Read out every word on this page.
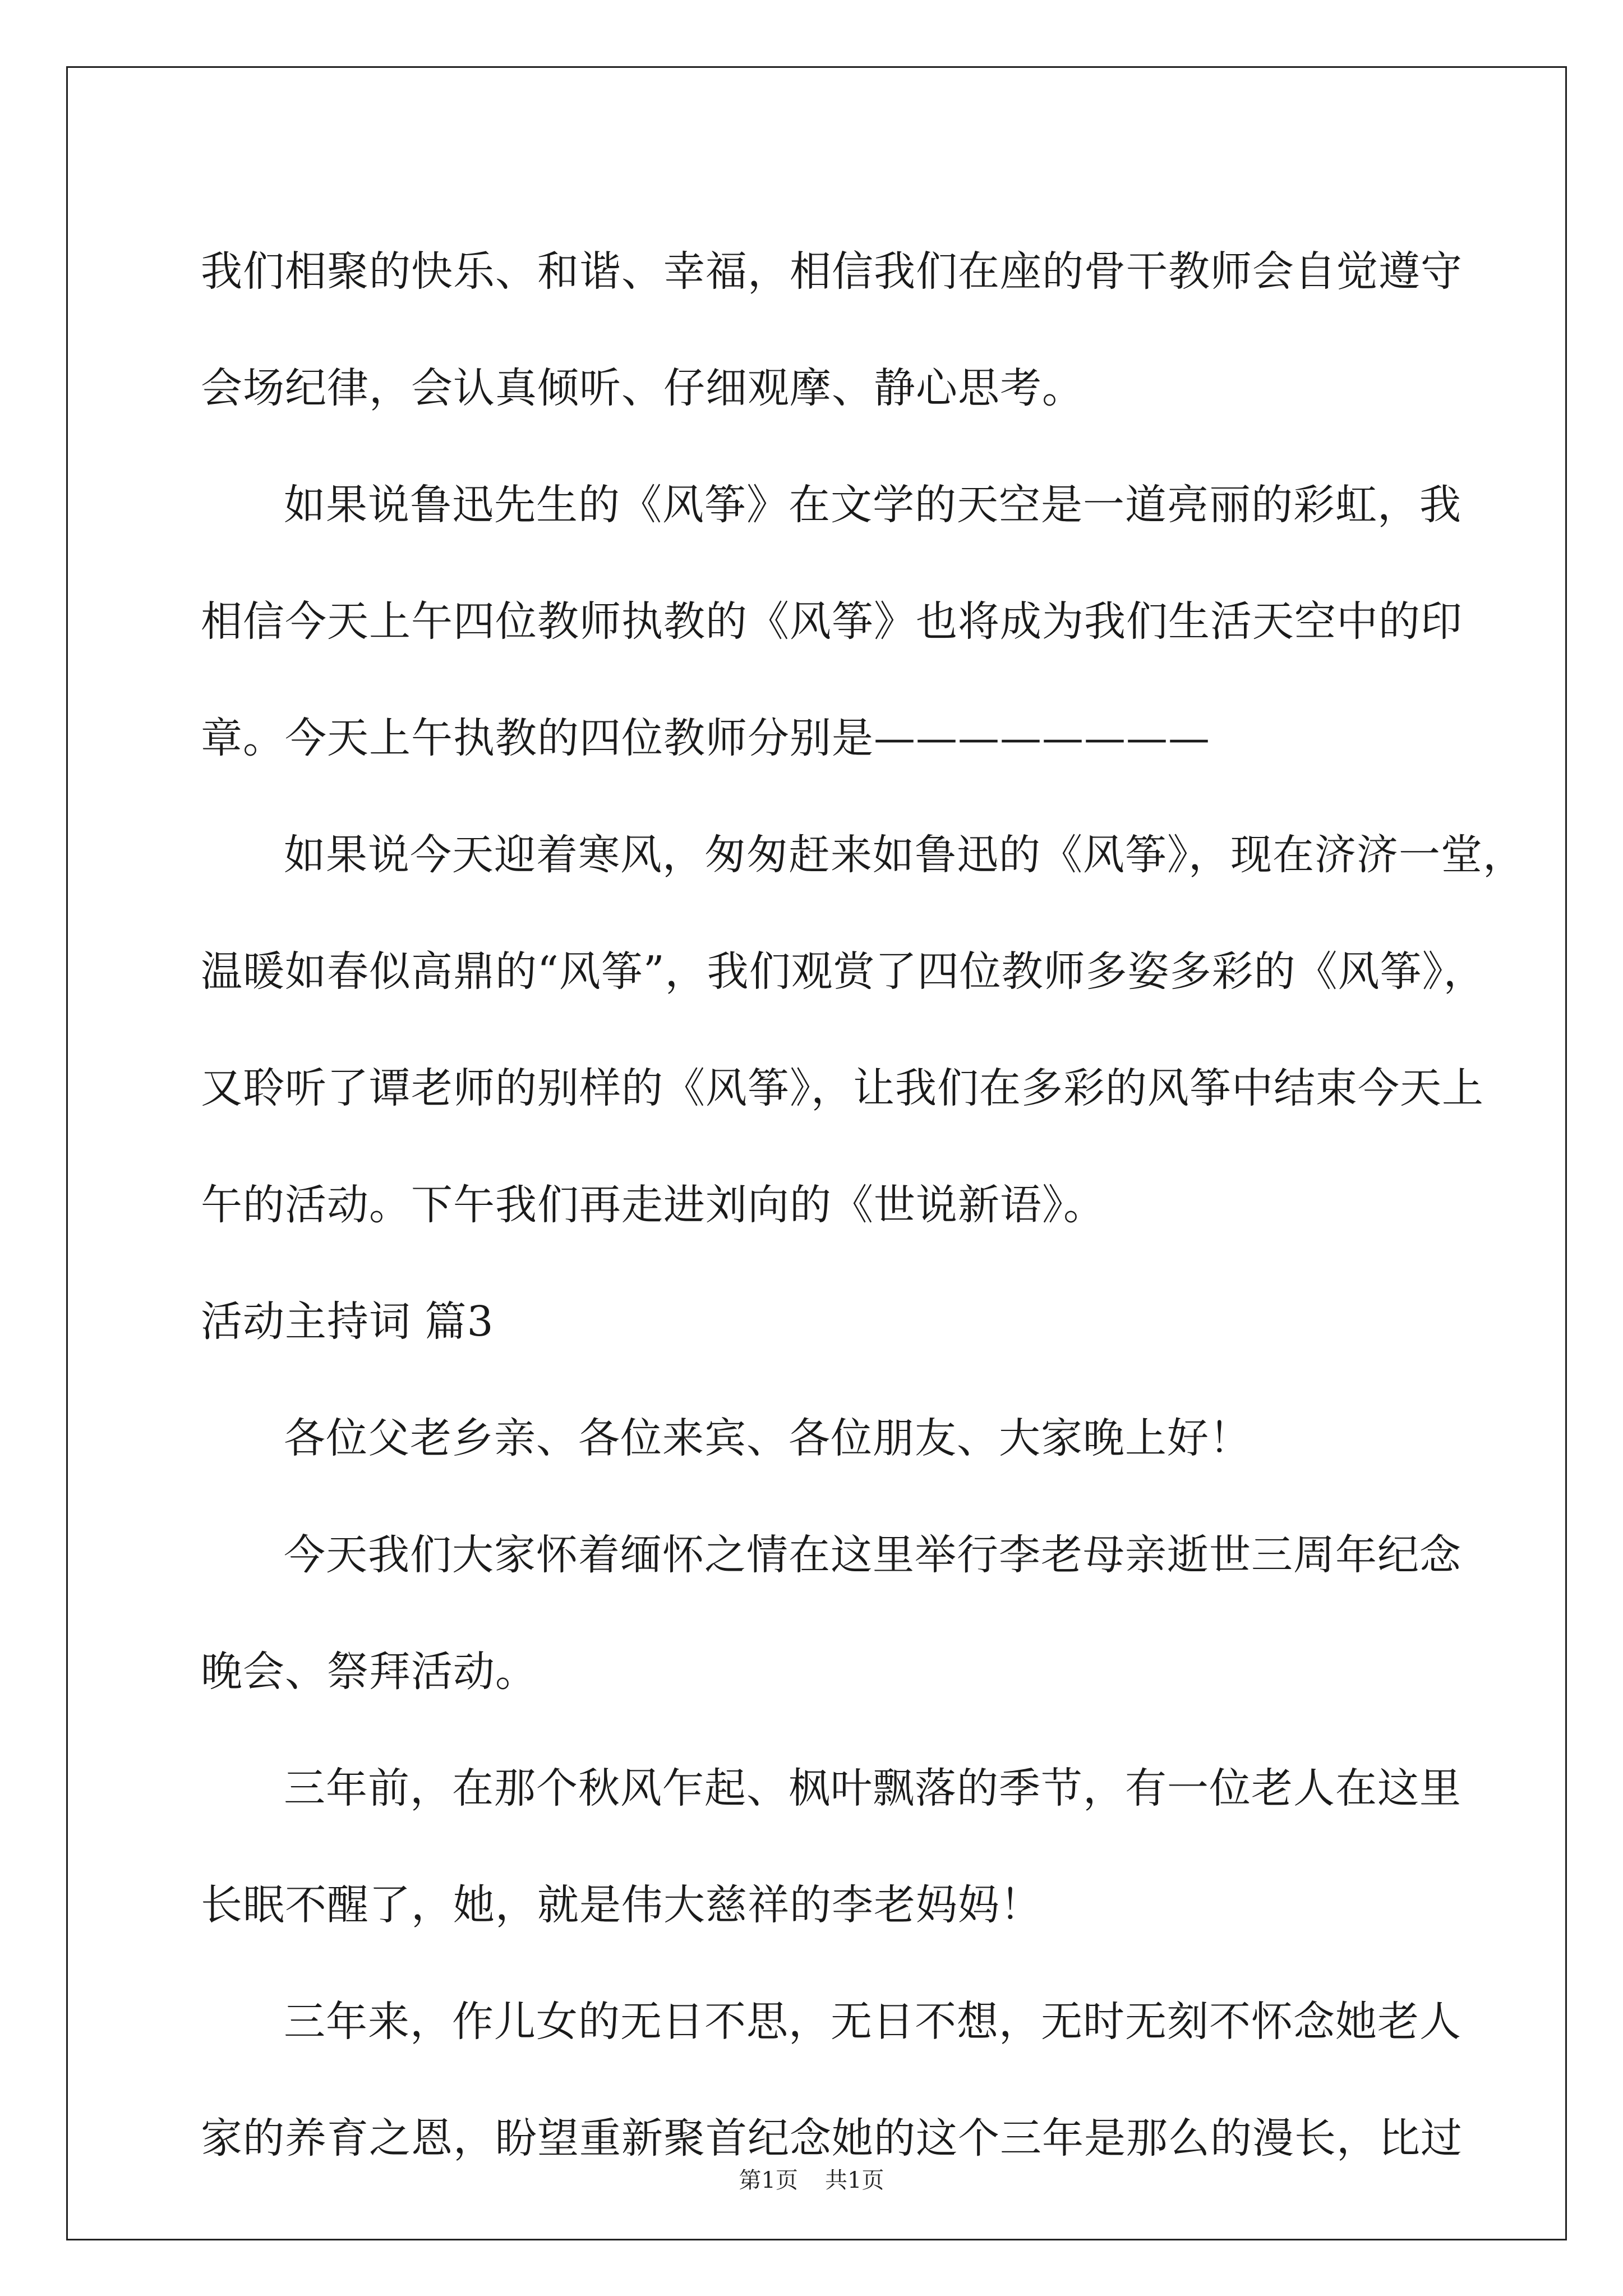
我们相聚的快乐、和谐、幸福，相信我们在座的骨干教师会自觉遵守
会场纪律，会认真倾听、仔细观摩、静心思考。
如果说鲁迅先生的《风筝》在文学的天空是一道亮丽的彩虹，我
相信今天上午四位教师执教的《风筝》也将成为我们生活天空中的印
章。今天上午执教的四位教师分别是————————
如果说今天迎着寒风，匆匆赶来如鲁迅的《风筝》，现在济济一堂，
温暖如春似高鼎的“风筝”，我们观赏了四位教师多姿多彩的《风筝》，
又聆听了谭老师的别样的《风筝》，让我们在多彩的风筝中结束今天上
午的活动。下午我们再走进刘向的《世说新语》。
活动主持词 篇3
各位父老乡亲、各位来宾、各位朋友、大家晚上好！
今天我们大家怀着缅怀之情在这里举行李老母亲逝世三周年纪念
晚会、祭拜活动。
三年前，在那个秋风乍起、枫叶飘落的季节，有一位老人在这里
长眠不醒了，她，就是伟大慈祥的李老妈妈！
三年来，作儿女的无日不思，无日不想，无时无刻不怀念她老人
家的养育之恩，盼望重新聚首纪念她的这个三年是那么的漫长，比过
第1页 共1页
